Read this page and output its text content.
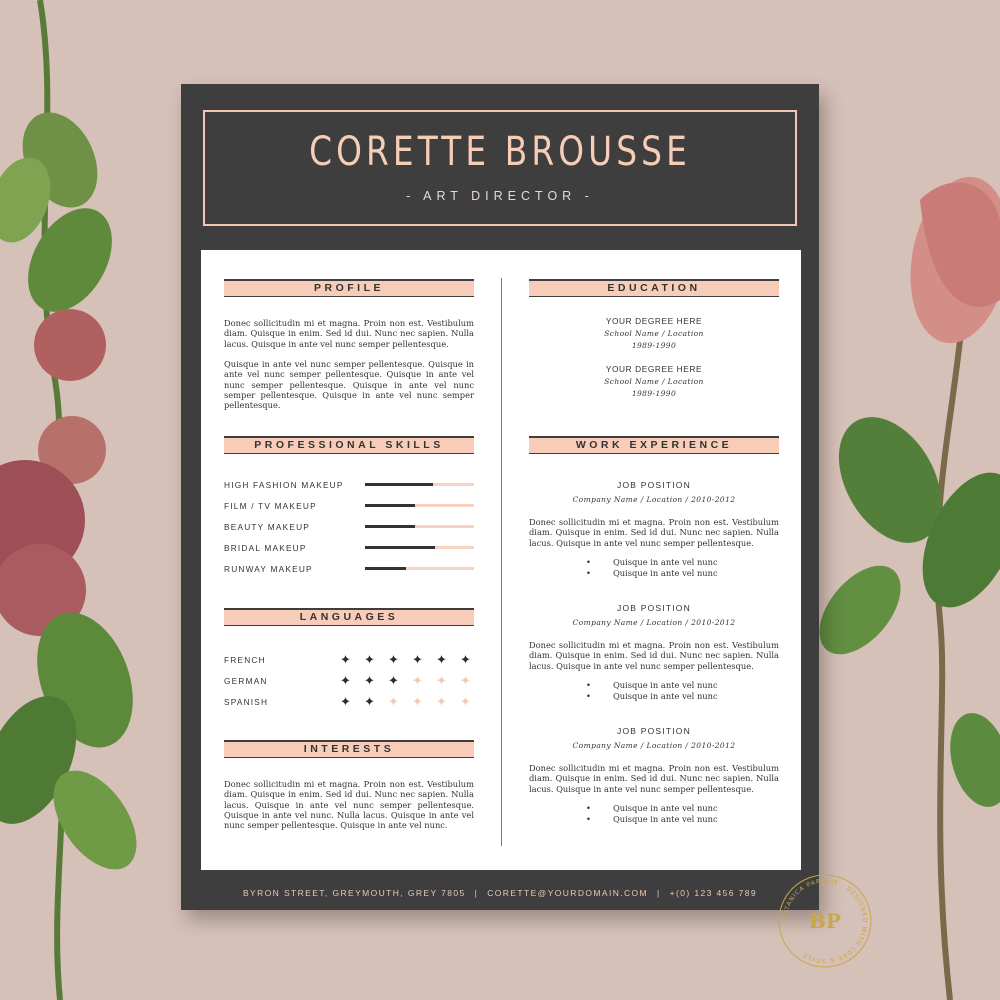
CORETTE BROUSSE
- ART DIRECTOR -
PROFILE
Donec sollicitudin mi et magna. Proin non est. Vestibulum diam. Quisque in enim. Sed id dui. Nunc nec sapien. Nulla lacus. Quisque in ante vel nunc semper pellentesque.
Quisque in ante vel nunc semper pellentesque. Quisque in ante vel nunc semper pellentesque. Quisque in ante vel nunc semper pellentesque. Quisque in ante vel nunc semper pellentesque. Quisque in ante vel nunc semper pellentesque.
PROFESSIONAL SKILLS
HIGH FASHION MAKEUP
FILM / TV MAKEUP
BEAUTY MAKEUP
BRIDAL MAKEUP
RUNWAY MAKEUP
LANGUAGES
FRENCH	✦ ✦ ✦ ✦ ✦ ✦
GERMAN	✦ ✦ ✦ ✦ ✦ ✦
SPANISH	✦ ✦ ✦ ✦ ✦ ✦
INTERESTS
Donec sollicitudin mi et magna. Proin non est. Vestibulum diam. Quisque in enim. Sed id dui. Nunc nec sapien. Nulla lacus. Quisque in ante vel nunc semper pellentesque. Quisque in ante vel nunc. Nulla lacus. Quisque in ante vel nunc semper pellentesque. Quisque in ante vel nunc.
EDUCATION
YOUR DEGREE HERE
School Name / Location
1989-1990
YOUR DEGREE HERE
School Name / Location
1989-1990
WORK EXPERIENCE
JOB POSITION
Company Name / Location / 2010-2012
Donec sollicitudin mi et magna. Proin non est. Vestibulum diam. Quisque in enim. Sed id dui. Nunc nec sapien. Nulla lacus. Quisque in ante vel nunc semper pellentesque.
• Quisque in ante vel nunc
• Quisque in ante vel nunc
JOB POSITION
Company Name / Location / 2010-2012
Donec sollicitudin mi et magna. Proin non est. Vestibulum diam. Quisque in enim. Sed id dui. Nunc nec sapien. Nulla lacus. Quisque in ante vel nunc semper pellentesque.
• Quisque in ante vel nunc
• Quisque in ante vel nunc
JOB POSITION
Company Name / Location / 2010-2012
Donec sollicitudin mi et magna. Proin non est. Vestibulum diam. Quisque in enim. Sed id dui. Nunc nec sapien. Nulla lacus. Quisque in ante vel nunc semper pellentesque.
• Quisque in ante vel nunc
• Quisque in ante vel nunc
BYRON STREET, GREYMOUTH, GREY 7805 | CORETTE@YOURDOMAIN.COM | +(0) 123 456 789
BOTANICA PAPERIE · DESIGNED WITH LOVE & STYLE ·
BP
